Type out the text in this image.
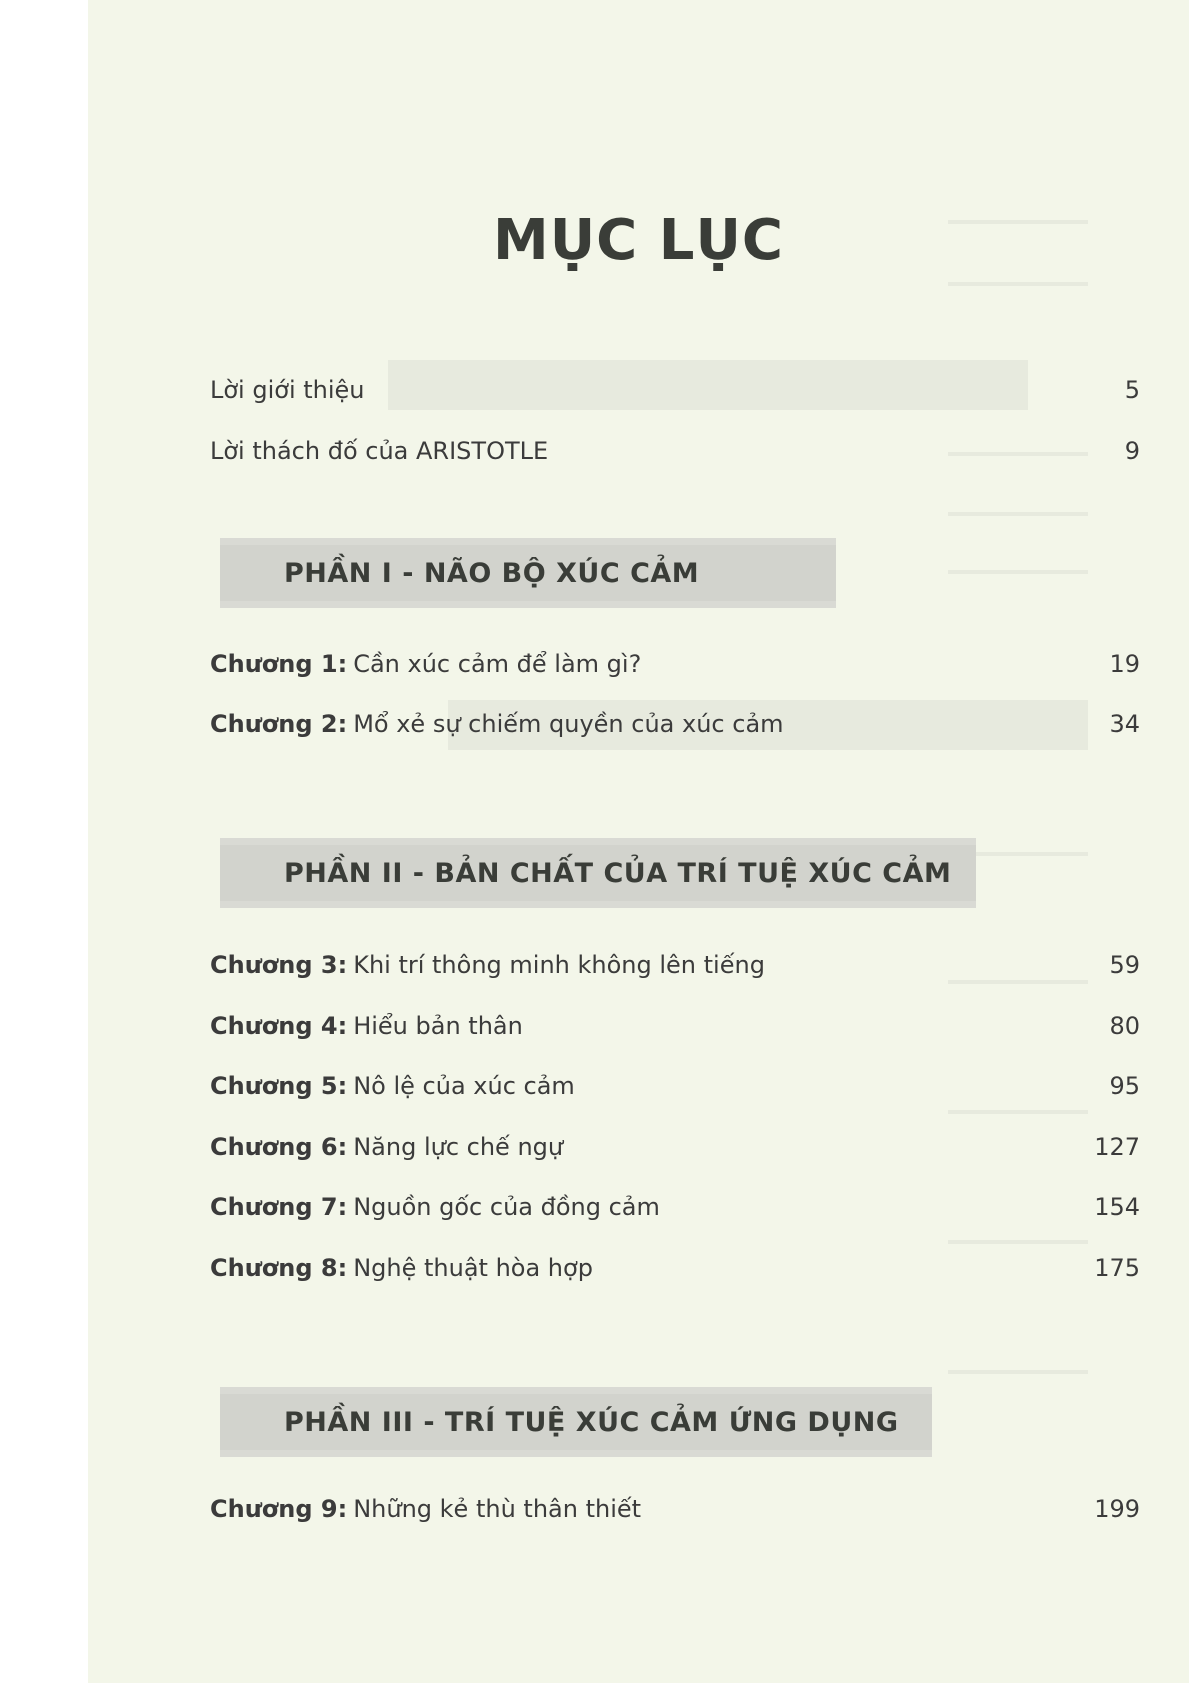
MỤC LỤC
Lời giới thiệu	5
Lời thách đố của ARISTOTLE	9
PHẦN I - NÃO BỘ XÚC CẢM
Chương 1: Cần xúc cảm để làm gì?	19
Chương 2: Mổ xẻ sự chiếm quyền của xúc cảm	34
PHẦN II - BẢN CHẤT CỦA TRÍ TUỆ XÚC CẢM
Chương 3: Khi trí thông minh không lên tiếng	59
Chương 4: Hiểu bản thân	80
Chương 5: Nô lệ của xúc cảm	95
Chương 6: Năng lực chế ngự	127
Chương 7: Nguồn gốc của đồng cảm	154
Chương 8: Nghệ thuật hòa hợp	175
PHẦN III - TRÍ TUỆ XÚC CẢM ỨNG DỤNG
Chương 9: Những kẻ thù thân thiết	199
